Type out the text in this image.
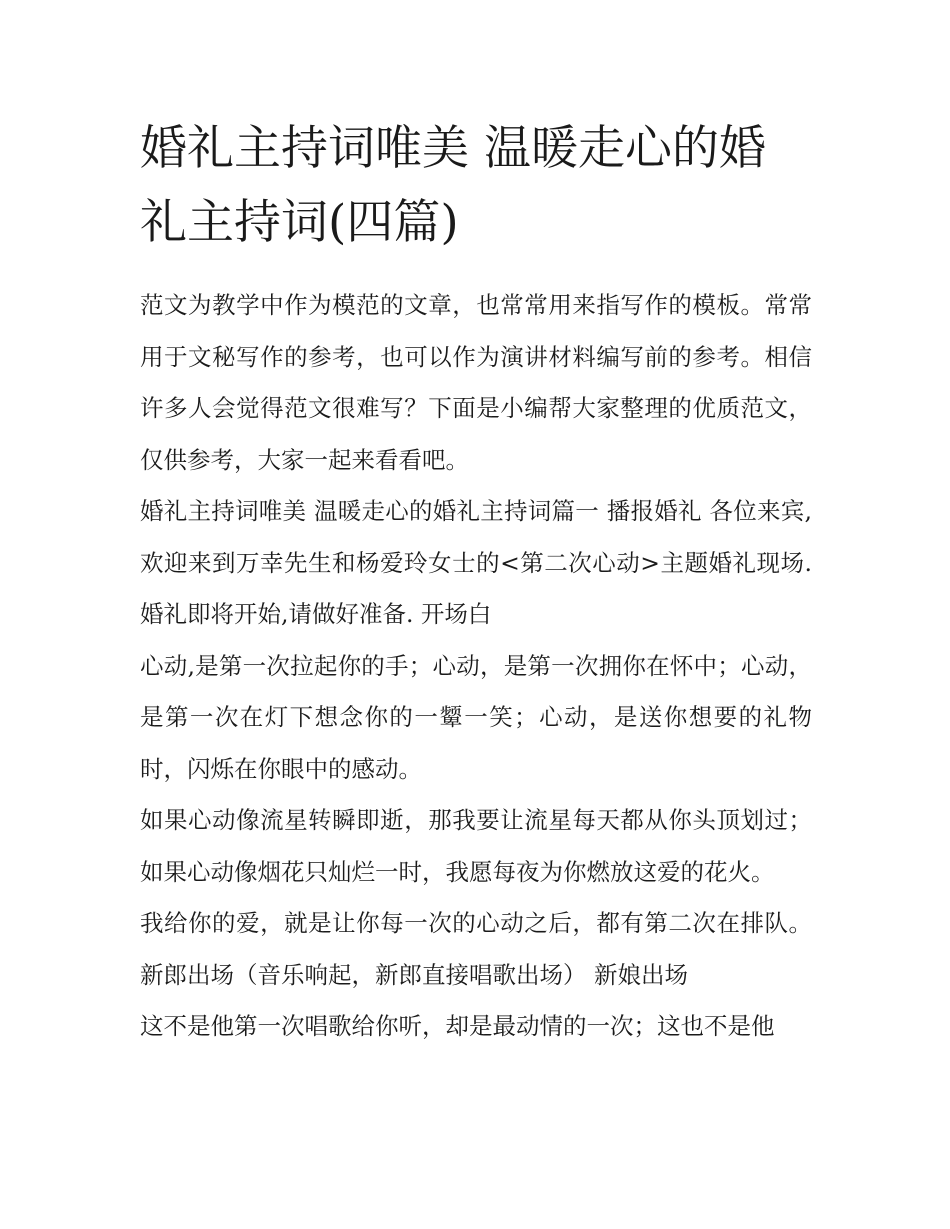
婚礼主持词唯美 温暖走心的婚礼主持词(四篇)

范文为教学中作为模范的文章，也常常用来指写作的模板。常常用于文秘写作的参考，也可以作为演讲材料编写前的参考。相信许多人会觉得范文很难写？下面是小编帮大家整理的优质范文，仅供参考，大家一起来看看吧。

婚礼主持词唯美 温暖走心的婚礼主持词篇一 播报婚礼 各位来宾,欢迎来到万幸先生和杨爱玲女士的<第二次心动>主题婚礼现场.婚礼即将开始,请做好准备. 开场白

心动,是第一次拉起你的手；心动，是第一次拥你在怀中；心动，是第一次在灯下想念你的一颦一笑；心动，是送你想要的礼物时，闪烁在你眼中的感动。

如果心动像流星转瞬即逝，那我要让流星每天都从你头顶划过；如果心动像烟花只灿烂一时，我愿每夜为你燃放这爱的花火。

我给你的爱，就是让你每一次的心动之后，都有第二次在排队。 新郎出场（音乐响起，新郎直接唱歌出场） 新娘出场

这不是他第一次唱歌给你听，却是最动情的一次；这也不是他
